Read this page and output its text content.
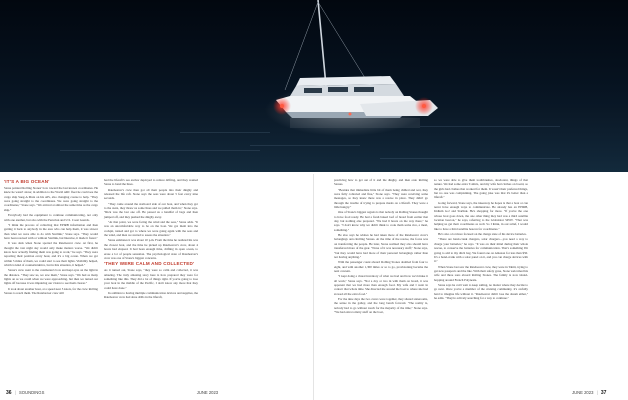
'IT'S A BIG OCEAN'

Stone pointed Rolling Stones' bow toward the last known coordinates. He knew he wasn't alone; in addition to the World ARC fleet he could see the cargo ship Sueg-A Maia on his AIS, also changing course to help. "They were going straight to the coordinates. We were going straight to the coordinates," Stone says. "We arrived at almost the same time as the cargo ship."

Everybody had the equipment to continue communicating, not only with one another, but also with the Peruvian and U.S. Coast Guards.

"I think the process of collecting that EPIRB information and then getting it back to anybody in the area who can help them, it was slower than what we were able to do with Starlink," Stone says. "They would have been rescued with or without Starlink, but likewise, it made it faster."

It was dark when Stone spotted the Ratebeaver crew. At first, he thought the vast night sky would only make matters worse. "We didn't know how actually finding them was going to work," he says. "They were reporting their position every hour, and it's a big ocean. When we got within 5 miles of them, we could start to see their lights. Visibility helped, which is kind of counterintuitive, but in this situation, it helped."

Stone's crew went to the catamaran's bow and kept eyes on the light in the distance. "They saw us, we saw them," Stone says. "We had as many lights on as we could when we were approaching, but then we turned our lights off because it was impairing our vision to see them clearer."

It took about another hour, at a speed near 5 knots, for the crew Rolling Stones to reach them. The Ratebeaver crew still

had the liferaft's sea anchor deployed to reduce drifting, and they wanted Stone to bend the lines.

Ratebeaver's crew then got all their people into their dinghy and released the life raft. Stone says the seas were about 5 feet every nine seconds.

"They came around the starboard side of our boat, and when they got to the stern, they threw us some lines and we pulled them in," Stone says. "Rick was the last one off. He passed us a handful of bags and then jumped off, and they pushed the dinghy away.

"At that point, we were facing the wind and the seas," Stone adds. "It was an uncomfortable way to be on the boat. We got them into the cockpit, turned and got to where we were going again with the seas and the wind, and then we started to assess the situation."

Stone estimates it was about 10 p.m. From the time he realized his was the closest boat, and the time he picked up Ratebeaver's crew, about 4 hours had elapsed. It had been enough time, drifting in open ocean, to erase a lot of people sensation. The psychological state of Ratebeaver's crew was one of Stone's biggest concerns.

'THEY WERE CALM AND COLLECTED'

As it turned out, Stone says, "they were so calm and collected, it was amazing. The truly amazing story here is how prepared they were for something like this. They did a lot of things right. If you're going to lose your boat in the middle of the Pacific, I don't know any more that they could have done."

In addition to having multiple communication devices and supplies, the Ratebeaver crew had done drills in the liferaft,

practicing how to get out of it and the dinghy, and then onto Rolling Stones.

"Besides that immediate little bit of them being chilled and wet, they were fully collected and fine," Stone says. "They were receiving some messages, so they knew there was a rescue in place. They didn't go through the trouble of trying to prepare meals on a liferaft. They were a little hungry."

One of Stone's biggest regrets is that nobody on Rolling Stones thought to have food ready. He had a fresh baked loaf of bread from earlier that day, but nothing else prepared. "We had 6 hours on the way there," he says. "I don't know why we didn't think to cook them some rice, a meal, something."

He also says he wishes he had taken more of the Ratebeaver crew's belongings onto Rolling Stones. At the time of the rescue, the focus was on transferring the people. He later, Stone realized they also should have transferred more of the gear. "None of it was necessary stuff," Stone says, "but they would have had more of their personal belongings rather than not having anything."

With the passenger count aboard Rolling Stones doubled from four to eight, and with another 1,300 miles or so to go, provisioning became the next concern.

"I kept doing a visual inventory of what we had and how we'd make it all work," Stone says. "Not a day or two in with them on board, it was apparent that we had more than enough food. My wife and I went in contact that whole time. She directed me around the boat to where she had stowed all the extra food."

For the nine days the two crews were together, they shared staterooms, the settee in the galley, and the long bench forward. "The reality is, nobody had to go without touch for the majority of the time," Stone says. "We had extra toiletry stuff on the boat,

so we were able to give them toothbrushes, deodorant, things of that nature. We had some extra T-shirts, and my wife had clothes on board, so the girls had clothes that worked for them. It wasn't their preferred things, but no one was complaining. The going joke was that it's better than a liferaft."

Going forward, Stone says, the takeaway he hopes is that a boat or can never have enough ways to communicate. He already has an EPIRB, Iridium Go! and Starlink. He's shopping for more. "If you're the one whose boat goes down, the one other thing they had was a third satellite location beacon," he says, referring to the Globalstar SPOT. "That was helping us get their coordinates as well. So I think, in our relief, I would like to have a third satellite beacon for coordinates."

He's also a lot more focused on the charge state of his device batteries.

"There are hand-crank chargers, solar chargers—you need a way to charge your batteries," he says. "It was on their mind during their whole rescue, to conserve the batteries for communication. That's something I'm going to add to my ditch bag. We found one on Amazon for less than $50. It's a hand-crank with a solar panel on it, and you can charge devices with it."

When Stone last saw the Ratebeaver crew, they were in Tahiti, trying to get new passports and the like. With their safety gone, Stone welcomed his wife and three sons aboard Rolling Stones. The family is now island-hopping around French Polynesia.

Stone says he can't wait to keep sailing, no matter where they decide to go next. Once you're a member of the cruising community, it's awfully hard to imagine life without it. "Ratebeaver didn't lose the dream either," he adds. "They're actively searching for a way to continue."

36 | SOUNDINGS	JUNE 2023	JUNE 2023 | 37
